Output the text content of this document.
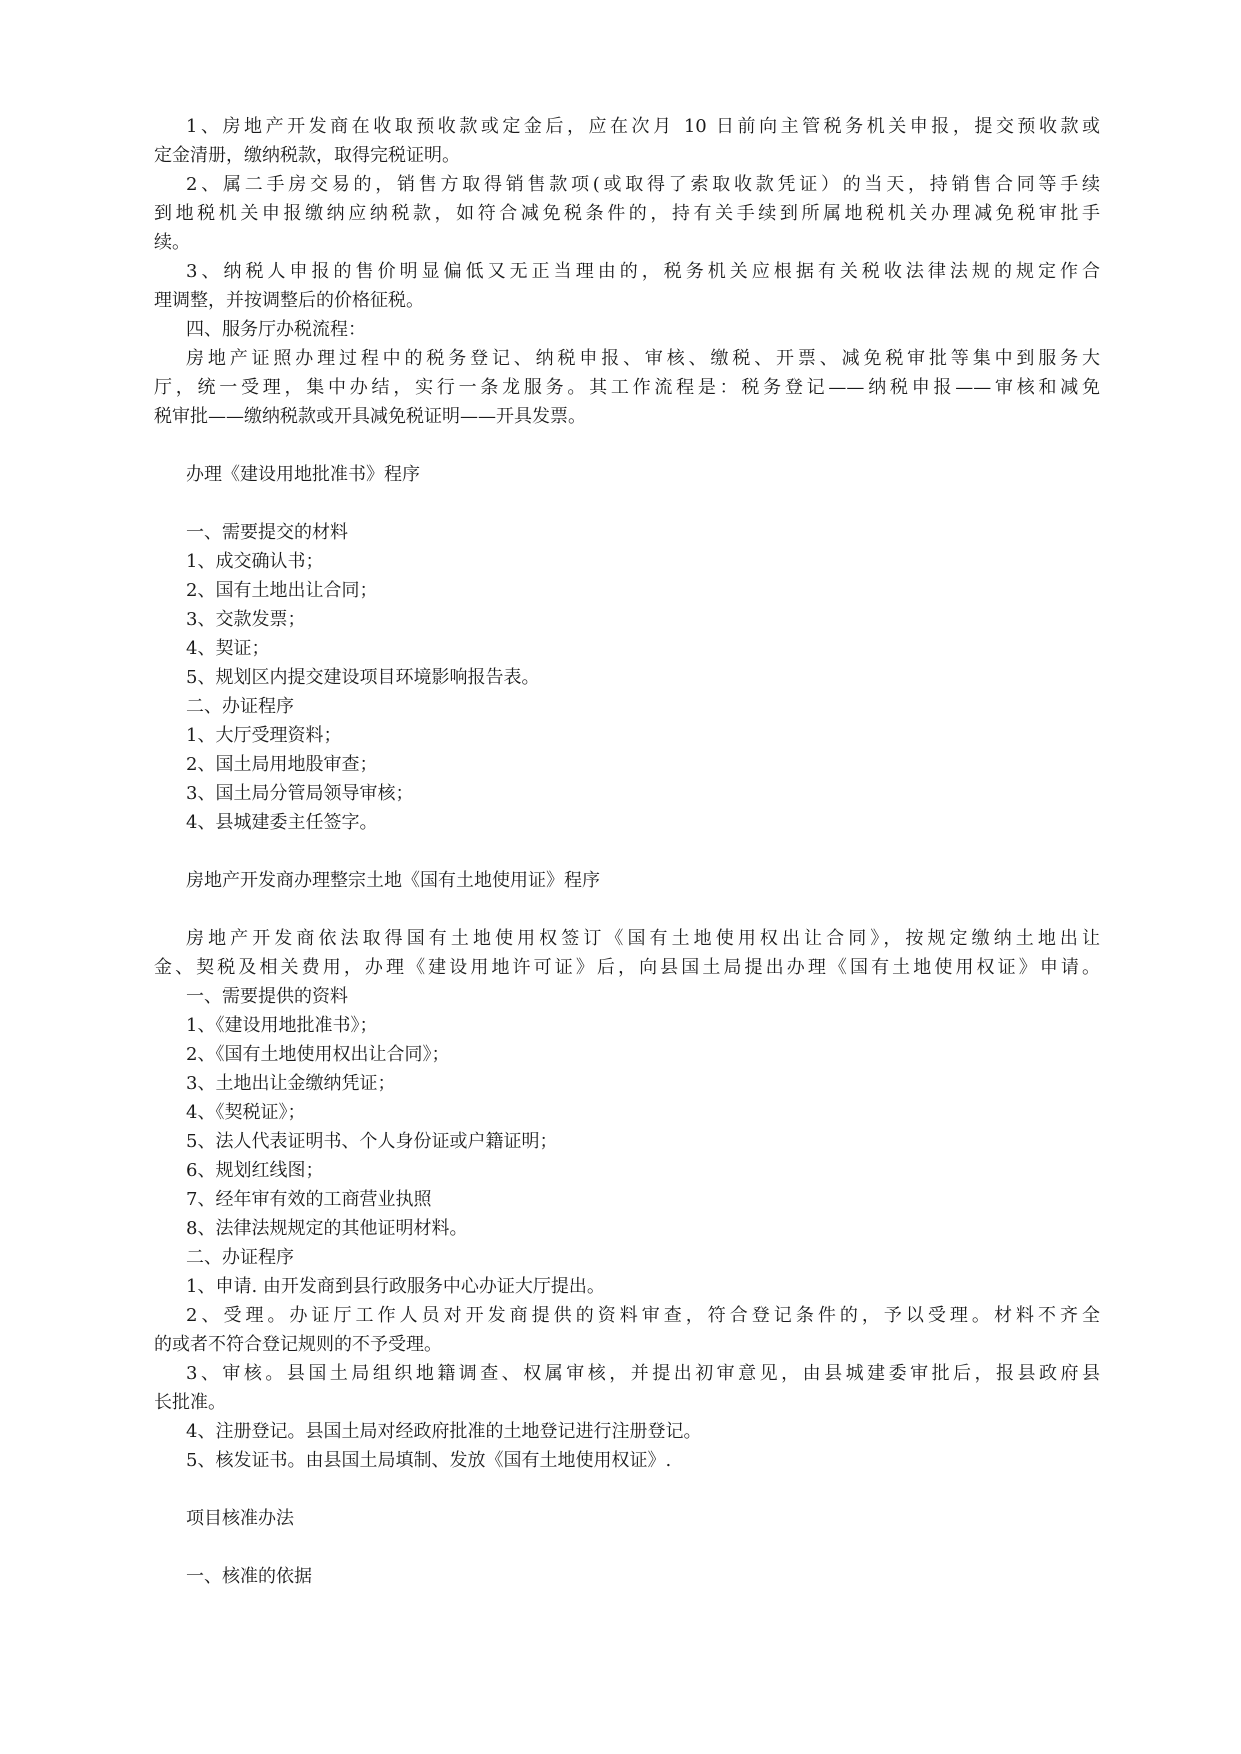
1、房地产开发商在收取预收款或定金后，应在次月 10 日前向主管税务机关申报，提交预收款或

定金清册，缴纳税款，取得完税证明。

2、属二手房交易的，销售方取得销售款项(或取得了索取收款凭证）的当天，持销售合同等手续

到地税机关申报缴纳应纳税款，如符合减免税条件的，持有关手续到所属地税机关办理减免税审批手

续。

3、纳税人申报的售价明显偏低又无正当理由的，税务机关应根据有关税收法律法规的规定作合

理调整，并按调整后的价格征税。

四、服务厅办税流程：

房地产证照办理过程中的税务登记、纳税申报、审核、缴税、开票、减免税审批等集中到服务大

厅，统一受理，集中办结，实行一条龙服务。其工作流程是：税务登记——纳税申报——审核和减免

税审批——缴纳税款或开具减免税证明——开具发票。

办理《建设用地批准书》程序

一、需要提交的材料

1、成交确认书；

2、国有土地出让合同；

3、交款发票；

4、契证；

5、规划区内提交建设项目环境影响报告表。

二、办证程序

1、大厅受理资料；

2、国土局用地股审查；

3、国土局分管局领导审核；

4、县城建委主任签字。

房地产开发商办理整宗土地《国有土地使用证》程序

房地产开发商依法取得国有土地使用权签订《国有土地使用权出让合同》，按规定缴纳土地出让

金、契税及相关费用，办理《建设用地许可证》后，向县国土局提出办理《国有土地使用权证》申请。

一、需要提供的资料

1、《建设用地批准书》；

2、《国有土地使用权出让合同》；

3、土地出让金缴纳凭证；

4、《契税证》；

5、法人代表证明书、个人身份证或户籍证明；

6、规划红线图；

7、经年审有效的工商营业执照

8、法律法规规定的其他证明材料。

二、办证程序

1、申请. 由开发商到县行政服务中心办证大厅提出。

2、受理。办证厅工作人员对开发商提供的资料审查，符合登记条件的，予以受理。材料不齐全

的或者不符合登记规则的不予受理。

3、审核。县国土局组织地籍调查、权属审核，并提出初审意见，由县城建委审批后，报县政府县

长批准。

4、注册登记。县国土局对经政府批准的土地登记进行注册登记。

5、核发证书。由县国土局填制、发放《国有土地使用权证》.

项目核准办法

一、核准的依据
